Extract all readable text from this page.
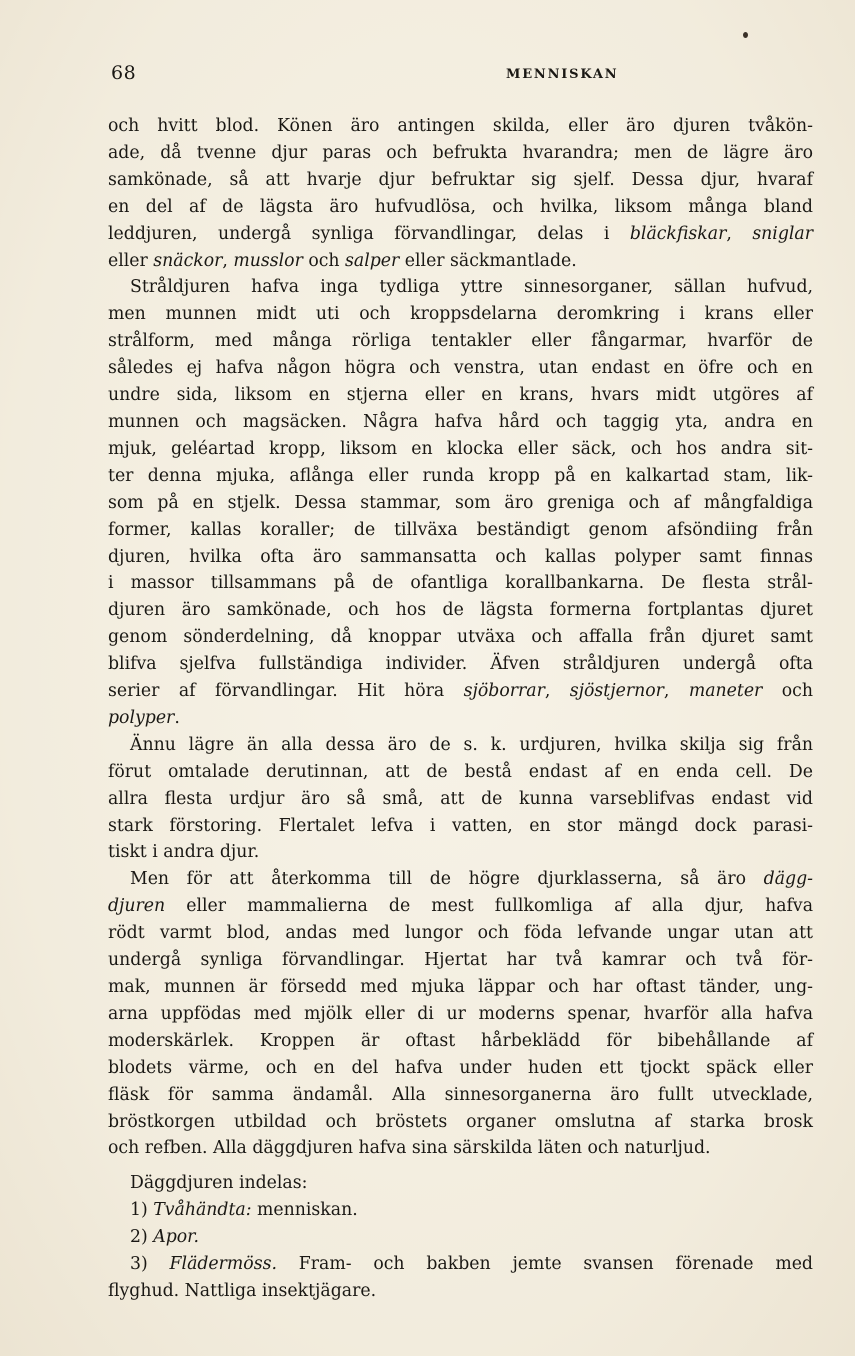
68	MENNISKAN
och hvitt blod. Könen äro antingen skilda, eller äro djuren tvåkön-
ade, då tvenne djur paras och befrukta hvarandra; men de lägre äro
samkönade, så att hvarje djur befruktar sig sjelf. Dessa djur, hvaraf
en del af de lägsta äro hufvudlösa, och hvilka, liksom många bland
leddjuren, undergå synliga förvandlingar, delas i bläckfiskar, sniglar
eller snäckor, musslor och salper eller säckmantlade.
Stråldjuren hafva inga tydliga yttre sinnesorganer, sällan hufvud,
men munnen midt uti och kroppsdelarna deromkring i krans eller
strålform, med många rörliga tentakler eller fångarmar, hvarför de
således ej hafva någon högra och venstra, utan endast en öfre och en
undre sida, liksom en stjerna eller en krans, hvars midt utgöres af
munnen och magsäcken. Några hafva hård och taggig yta, andra en
mjuk, geléartad kropp, liksom en klocka eller säck, och hos andra sit-
ter denna mjuka, aflånga eller runda kropp på en kalkartad stam, lik-
som på en stjelk. Dessa stammar, som äro greniga och af mångfaldiga
former, kallas koraller; de tillväxa beständigt genom afsöndiing från
djuren, hvilka ofta äro sammansatta och kallas polyper samt finnas
i massor tillsammans på de ofantliga korallbankarna. De flesta strål-
djuren äro samkönade, och hos de lägsta formerna fortplantas djuret
genom sönderdelning, då knoppar utväxa och affalla från djuret samt
blifva sjelfva fullständiga individer. Äfven stråldjuren undergå ofta
serier af förvandlingar. Hit höra sjöborrar, sjöstjernor, maneter och
polyper.
Ännu lägre än alla dessa äro de s. k. urdjuren, hvilka skilja sig från
förut omtalade derutinnan, att de bestå endast af en enda cell. De
allra flesta urdjur äro så små, att de kunna varseblifvas endast vid
stark förstoring. Flertalet lefva i vatten, en stor mängd dock parasi-
tiskt i andra djur.
Men för att återkomma till de högre djurklasserna, så äro dägg-
djuren eller mammalierna de mest fullkomliga af alla djur, hafva
rödt varmt blod, andas med lungor och föda lefvande ungar utan att
undergå synliga förvandlingar. Hjertat har två kamrar och två för-
mak, munnen är försedd med mjuka läppar och har oftast tänder, ung-
arna uppfödas med mjölk eller di ur moderns spenar, hvarför alla hafva
moderskärlek. Kroppen är oftast hårbeklädd för bibehållande af
blodets värme, och en del hafva under huden ett tjockt späck eller
fläsk för samma ändamål. Alla sinnesorganerna äro fullt utvecklade,
bröstkorgen utbildad och bröstets organer omslutna af starka brosk
och refben. Alla däggdjuren hafva sina särskilda läten och naturljud.
Däggdjuren indelas:
1) Tvåhändta: menniskan.
2) Apor.
3) Flädermöss. Fram- och bakben jemte svansen förenade med
flyghud. Nattliga insektjägare.
